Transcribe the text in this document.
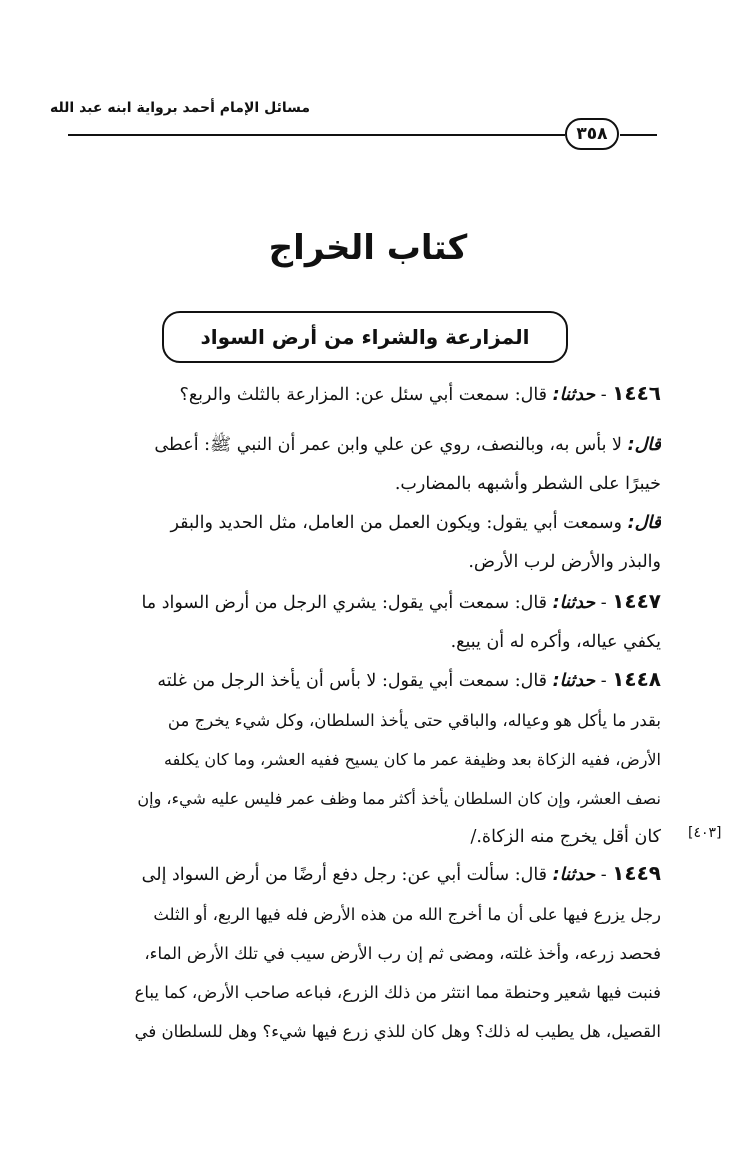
مسائل الإمام أحمد برواية ابنه عبد الله
٣٥٨
كتاب الخراج
المزارعة والشراء من أرض السواد
١٤٤٦ - حدثنا: قال: سمعت أبي سئل عن: المزارعة بالثلث والربع؟
قال: لا بأس به، وبالنصف، روي عن علي وابن عمر أن النبي ﷺ: أعطى
خيبرًا على الشطر وأشبهه بالمضارب.
قال: وسمعت أبي يقول: ويكون العمل من العامل، مثل الحديد والبقر
والبذر والأرض لرب الأرض.
١٤٤٧ - حدثنا: قال: سمعت أبي يقول: يشري الرجل من أرض السواد ما
يكفي عياله، وأكره له أن يبيع.
١٤٤٨ - حدثنا: قال: سمعت أبي يقول: لا بأس أن يأخذ الرجل من غلته
بقدر ما يأكل هو وعياله، والباقي حتى يأخذ السلطان، وكل شيء يخرج من
الأرض، ففيه الزكاة بعد وظيفة عمر ما كان يسيح ففيه العشر، وما كان يكلفه
نصف العشر، وإن كان السلطان يأخذ أكثر مما وظف عمر فليس عليه شيء، وإن
كان أقل يخرج منه الزكاة./ [٤٠٣]
١٤٤٩ - حدثنا: قال: سألت أبي عن: رجل دفع أرضًا من أرض السواد إلى
رجل يزرع فيها على أن ما أخرج الله من هذه الأرض فله فيها الربع، أو الثلث
فحصد زرعه، وأخذ غلته، ومضى ثم إن رب الأرض سيب في تلك الأرض الماء،
فنبت فيها شعير وحنطة مما انتثر من ذلك الزرع، فباعه صاحب الأرض، كما يباع
القصيل، هل يطيب له ذلك؟ وهل كان للذي زرع فيها شيء؟ وهل للسلطان في
